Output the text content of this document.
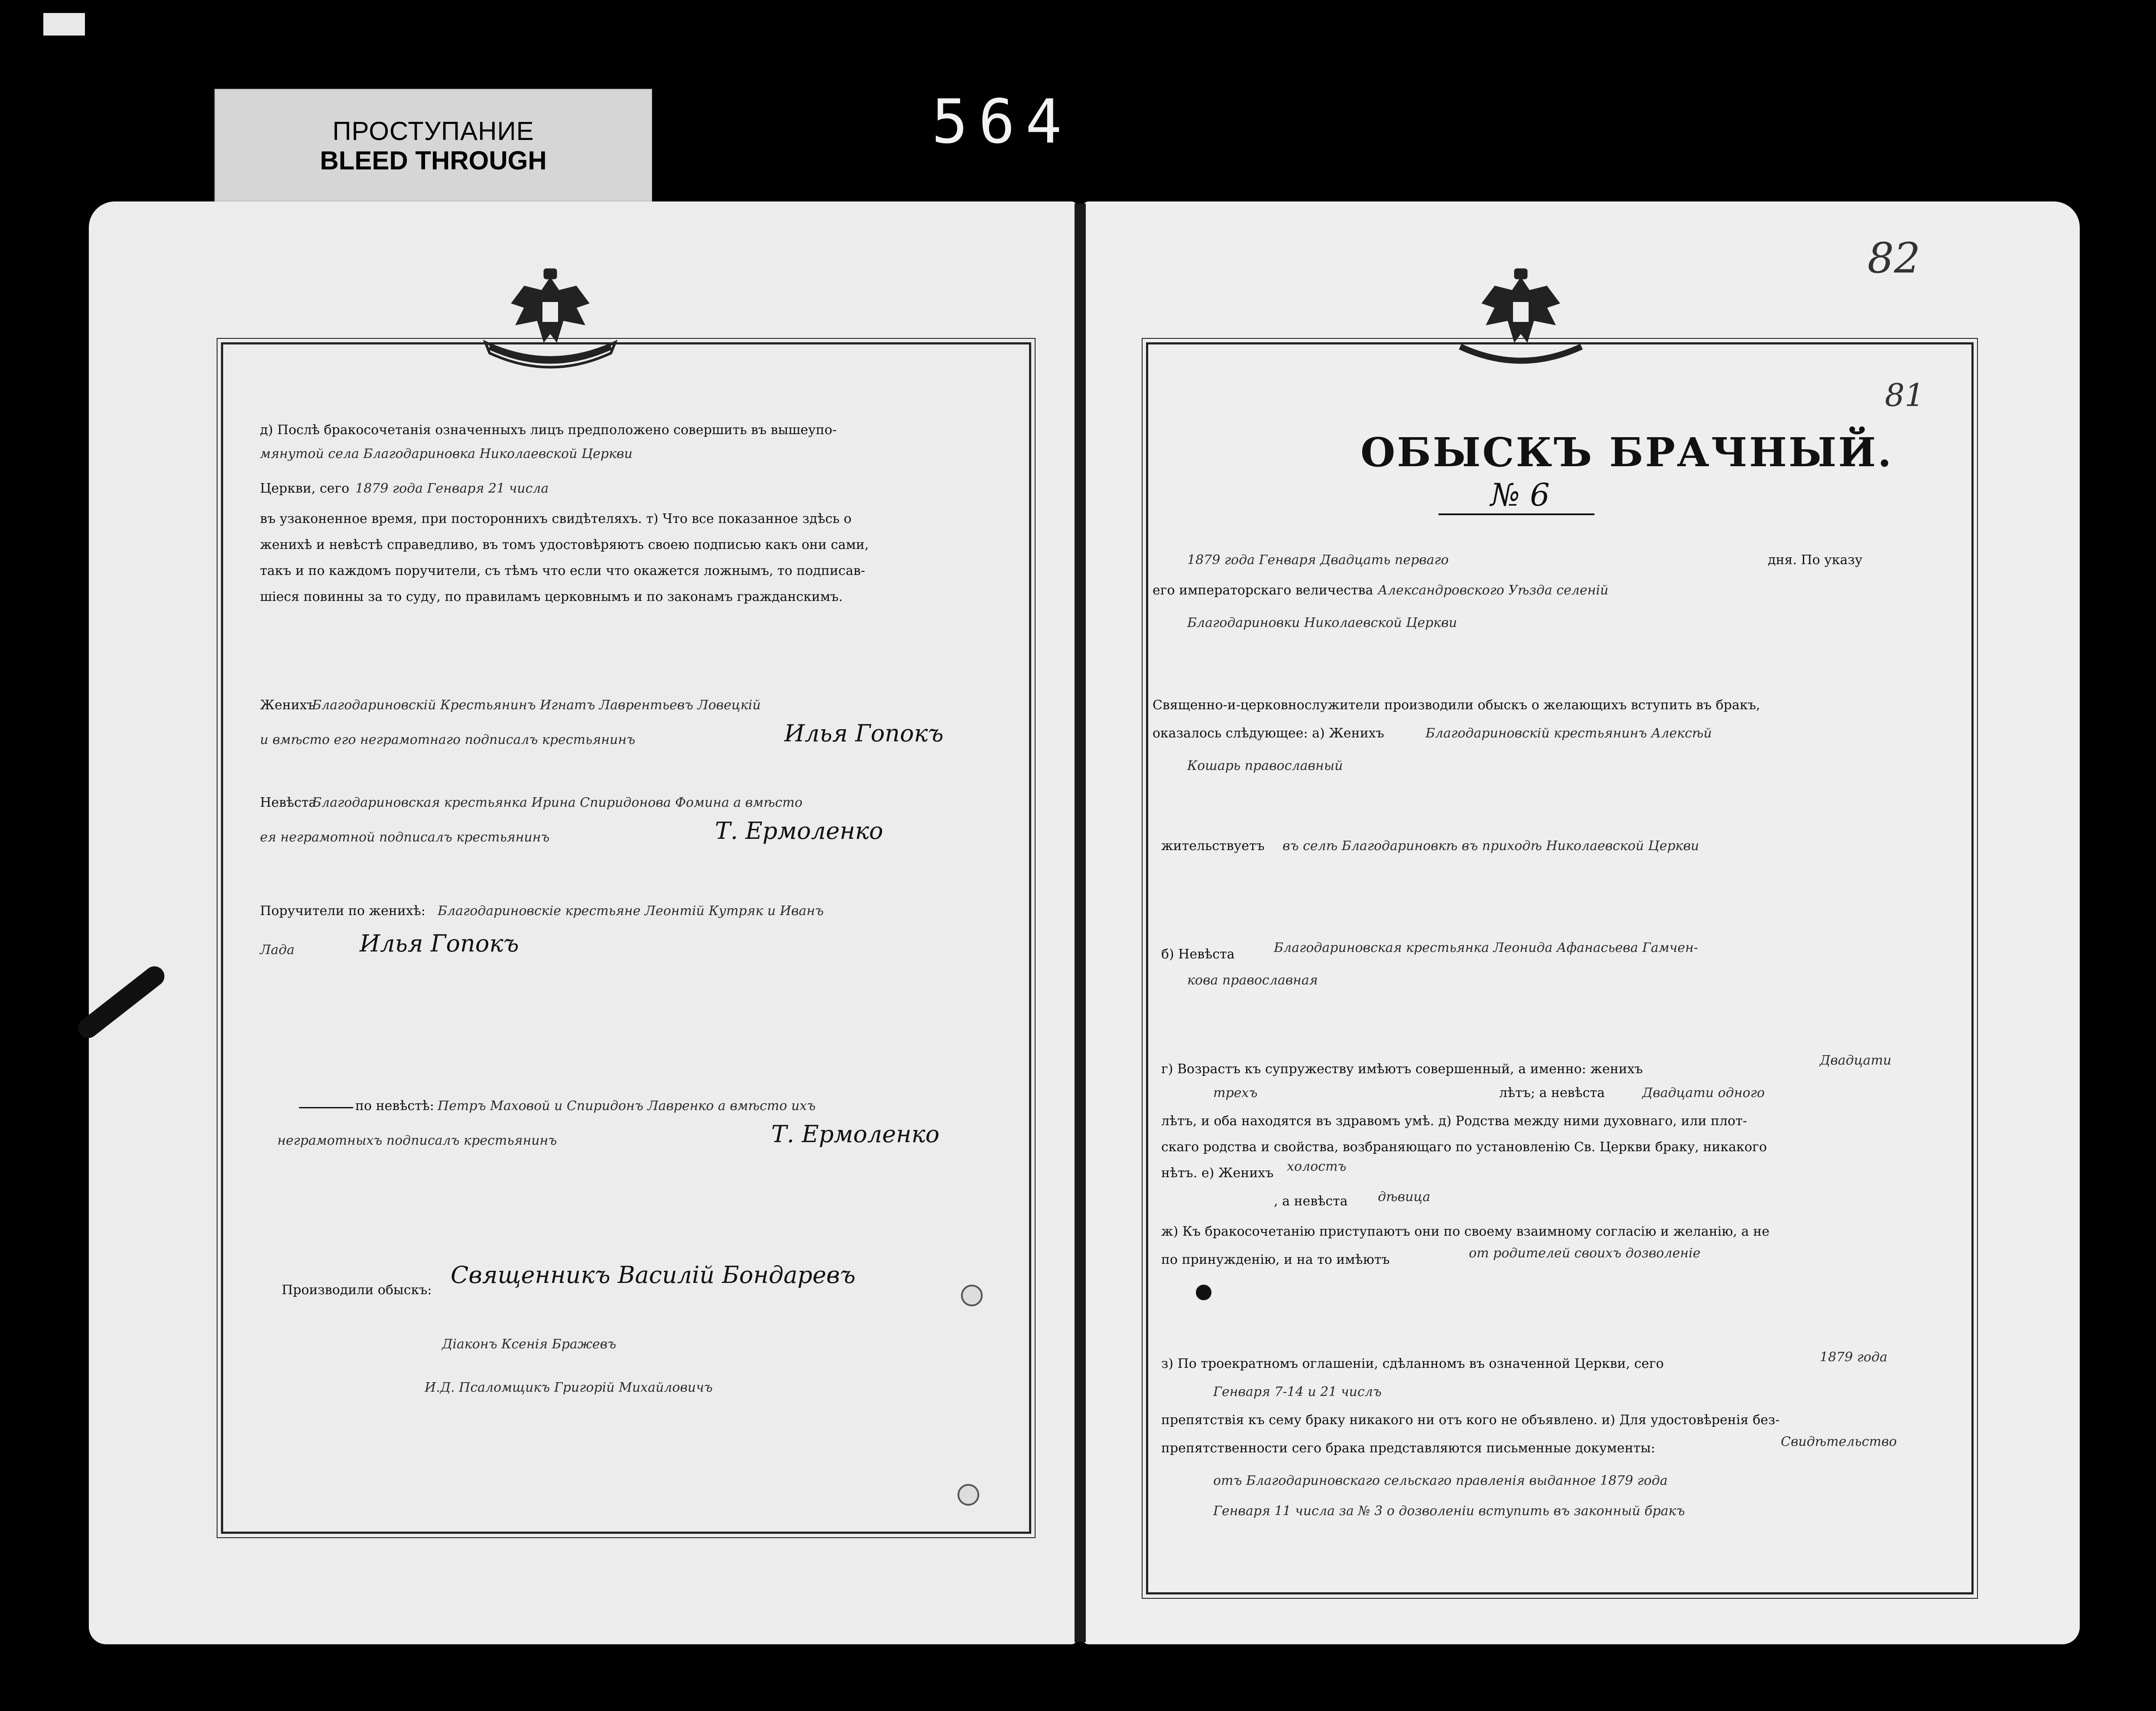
ПРОСТУПАНИЕ
BLEED THROUGH
564
д) Послѣ бракосочетанія означенныхъ лицъ предположено совершить въ вышеупо-
мянутой села Благодариновка Николаевской Церкви
Церкви, сего 1879 года Генваря 21 числа
въ узаконенное время, при постороннихъ свидѣтеляхъ. т) Что все показанное здѣсь о
женихѣ и невѣстѣ справедливо, въ томъ удостовѣряютъ своею подписью какъ они сами,
такъ и по каждомъ поручители, съ тѣмъ что если что окажется ложнымъ, то подписав-
шіеся повинны за то суду, по правиламъ церковнымъ и по законамъ гражданскимъ.
Женихъ
Благодариновскій Крестьянинъ Игнатъ Лаврентьевъ Ловецкій
и вмѣсто его неграмотнаго подписалъ крестьянинъ	Илья Гопокъ
Невѣста
Благодариновская крестьянка Ирина Спиридонова Фомина а вмѣсто
ея неграмотной подписалъ крестьянинъ	Т. Ермоленко
Поручители по женихѣ: Благодариновскіе крестьяне Леонтій Кутряк и Иванъ
Лада	Илья Гопокъ
по невѣстѣ: Петръ Маховой и Спиридонъ Лавренко а вмѣсто ихъ
неграмотныхъ подписалъ крестьянинъ	Т. Ермоленко
Производили обыскъ:
Священникъ Василій Бондаревъ
Діаконъ Ксенія Бражевъ
И.Д. Псаломщикъ Григорій Михайловичъ
82
81
ОБЫСКЪ БРАЧНЫЙ.
№ 6
1879 года Генваря Двадцать перваго	дня. По указу
его императорскаго величества Александровского Уѣзда селеній
Благодариновки Николаевской Церкви
Священно-и-церковнослужители производили обыскъ о желающихъ вступить въ бракъ,
оказалось слѣдующее: а) Женихъ	Благодариновскій крестьянинъ Алексѣй
Кошарь православный
жительствуетъ въ селѣ Благодариновкѣ въ приходѣ Николаевской Церкви
б) Невѣста	Благодариновская крестьянка Леонида Афанасьева Гамчен-
кова православная
г) Возрастъ къ супружеству имѣютъ совершенный, а именно: женихъ
Двадцати
трехъ	лѣтъ; а невѣста	Двадцати одного
лѣтъ, и оба находятся въ здравомъ умѣ. д) Родства между ними духовнаго, или плот-
скаго родства и свойства, возбраняющаго по установленію Св. Церкви браку, никакого
нѣтъ. е) Женихъ холостъ
, а невѣста дѣвица
ж) Къ бракосочетанію приступаютъ они по своему взаимному согласію и желанію, а не
по принужденію, и на то имѣютъ	от родителей своихъ дозволеніе
з) По троекратномъ оглашеніи, сдѣланномъ въ означенной Церкви, сего	1879 года
Генваря 7-14 и 21 числъ
препятствія къ сему браку никакого ни отъ кого не объявлено. и) Для удостовѣренія без-
препятственности сего брака представляются письменные документы:	Свидѣтельство
отъ Благодариновскаго сельскаго правленія выданное 1879 года
Генваря 11 числа за № 3 о дозволеніи вступить въ законный бракъ
